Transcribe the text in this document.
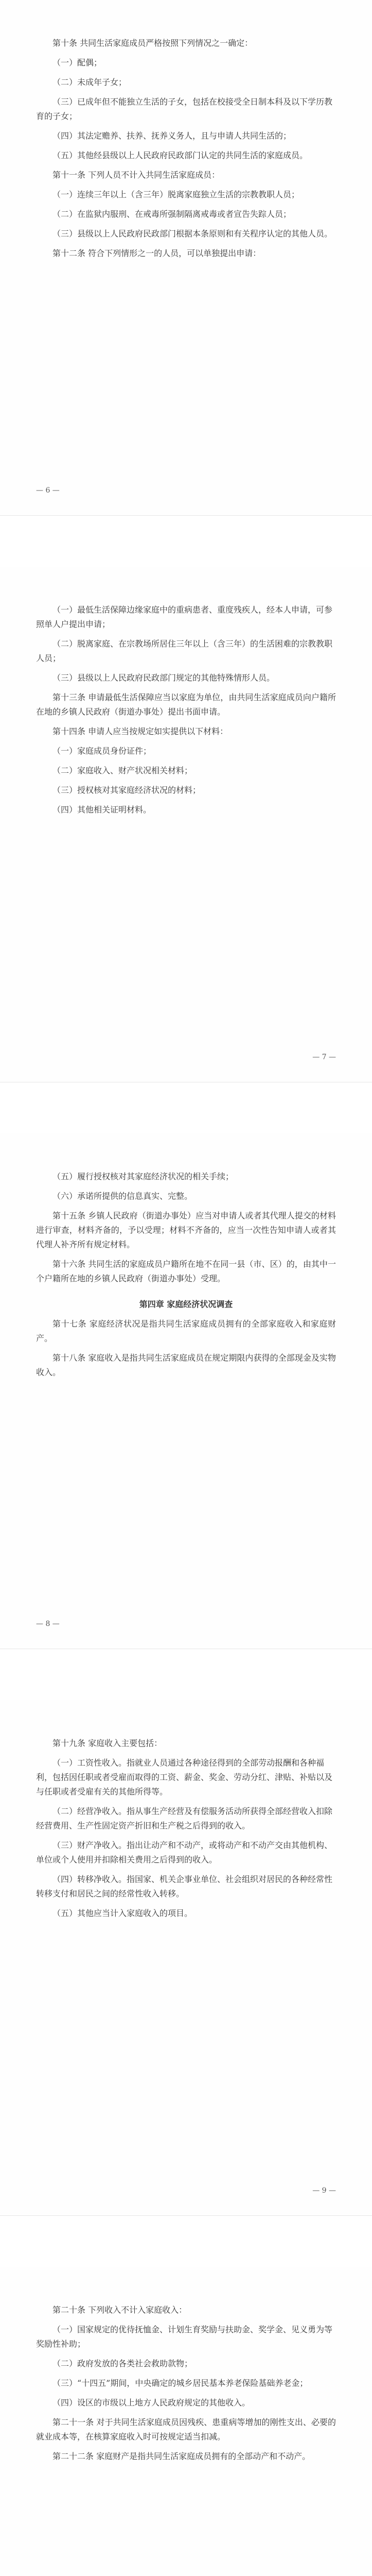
第十条 共同生活家庭成员严格按照下列情况之一确定：

（一）配偶；

（二）未成年子女；

（三）已成年但不能独立生活的子女，包括在校接受全日制本科及以下学历教育的子女；

（四）其法定赡养、扶养、抚养义务人，且与申请人共同生活的；

（五）其他经县级以上人民政府民政部门认定的共同生活的家庭成员。

第十一条 下列人员不计入共同生活家庭成员：

（一）连续三年以上（含三年）脱离家庭独立生活的宗教教职人员；

（二）在监狱内服刑、在戒毒所强制隔离戒毒或者宣告失踪人员；

（三）县级以上人民政府民政部门根据本条原则和有关程序认定的其他人员。

第十二条 符合下列情形之一的人员，可以单独提出申请：

— 6 —

（一）最低生活保障边缘家庭中的重病患者、重度残疾人，经本人申请，可参照单人户提出申请；

（二）脱离家庭、在宗教场所居住三年以上（含三年）的生活困难的宗教教职人员；

（三）县级以上人民政府民政部门规定的其他特殊情形人员。

第十三条 申请最低生活保障应当以家庭为单位，由共同生活家庭成员向户籍所在地的乡镇人民政府（街道办事处）提出书面申请。

第十四条 申请人应当按规定如实提供以下材料：

（一）家庭成员身份证件；

（二）家庭收入、财产状况相关材料；

（三）授权核对其家庭经济状况的材料；

（四）其他相关证明材料。

— 7 —

（五）履行授权核对其家庭经济状况的相关手续；

（六）承诺所提供的信息真实、完整。

第十五条 乡镇人民政府（街道办事处）应当对申请人或者其代理人提交的材料进行审查，材料齐备的，予以受理；材料不齐备的，应当一次性告知申请人或者其代理人补齐所有规定材料。

第十六条 共同生活的家庭成员户籍所在地不在同一县（市、区）的，由其中一个户籍所在地的乡镇人民政府（街道办事处）受理。

第四章 家庭经济状况调查

第十七条 家庭经济状况是指共同生活家庭成员拥有的全部家庭收入和家庭财产。

第十八条 家庭收入是指共同生活家庭成员在规定期限内获得的全部现金及实物收入。

— 8 —

第十九条 家庭收入主要包括：

（一）工资性收入。指就业人员通过各种途径得到的全部劳动报酬和各种福利，包括因任职或者受雇而取得的工资、薪金、奖金、劳动分红、津贴、补贴以及与任职或者受雇有关的其他所得等。

（二）经营净收入。指从事生产经营及有偿服务活动所获得全部经营收入扣除经营费用、生产性固定资产折旧和生产税之后得到的收入。

（三）财产净收入。指出让动产和不动产，或将动产和不动产交由其他机构、单位或个人使用并扣除相关费用之后得到的收入。

（四）转移净收入。指国家、机关企事业单位、社会组织对居民的各种经常性转移支付和居民之间的经常性收入转移。

（五）其他应当计入家庭收入的项目。

— 9 —

第二十条 下列收入不计入家庭收入：

（一）国家规定的优待抚恤金、计划生育奖励与扶助金、奖学金、见义勇为等奖励性补助；

（二）政府发放的各类社会救助款物；

（三）“十四五”期间，中央确定的城乡居民基本养老保险基础养老金；

（四）设区的市级以上地方人民政府规定的其他收入。

第二十一条 对于共同生活家庭成员因残疾、患重病等增加的刚性支出、必要的就业成本等，在核算家庭收入时可按规定适当扣减。

第二十二条 家庭财产是指共同生活家庭成员拥有的全部动产和不动产。
